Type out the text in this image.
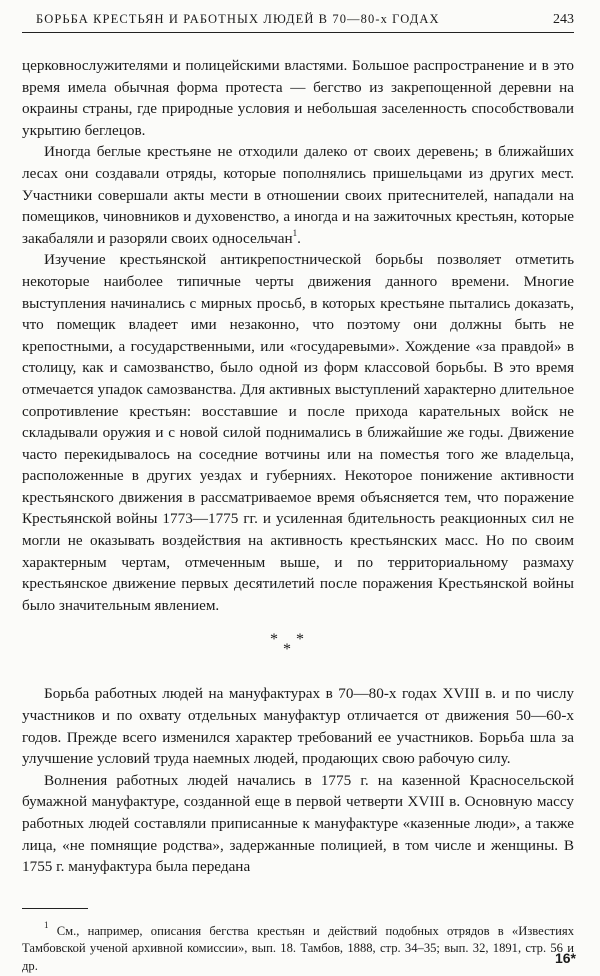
БОРЬБА КРЕСТЬЯН И РАБОТНЫХ ЛЮДЕЙ В 70—80-х ГОДАХ	243

церковнослужителями и полицейскими властями. Большое распространение и в это время имела обычная форма протеста — бегство из закрепощенной деревни на окраины страны, где природные условия и небольшая заселенность способствовали укрытию беглецов.

Иногда беглые крестьяне не отходили далеко от своих деревень; в ближайших лесах они создавали отряды, которые пополнялись пришельцами из других мест. Участники совершали акты мести в отношении своих притеснителей, нападали на помещиков, чиновников и духовенство, а иногда и на зажиточных крестьян, которые закабаляли и разоряли своих односельчан$^1$.

Изучение крестьянской антикрепостнической борьбы позволяет отметить некоторые наиболее типичные черты движения данного времени. Многие выступления начинались с мирных просьб, в которых крестьяне пытались доказать, что помещик владеет ими незаконно, что поэтому они должны быть не крепостными, а государственными, или «государевыми». Хождение «за правдой» в столицу, как и самозванство, было одной из форм классовой борьбы. В это время отмечается упадок самозванства. Для активных выступлений характерно длительное сопротивление крестьян: восставшие и после прихода карательных войск не складывали оружия и с новой силой поднимались в ближайшие же годы. Движение часто перекидывалось на соседние вотчины или на поместья того же владельца, расположенные в других уездах и губерниях. Некоторое понижение активности крестьянского движения в рассматриваемое время объясняется тем, что поражение Крестьянской войны 1773—1775 гг. и усиленная бдительность реакционных сил не могли не оказывать воздействия на активность крестьянских масс. Но по своим характерным чертам, отмеченным выше, и по территориальному размаху крестьянское движение первых десятилетий после поражения Крестьянской войны было значительным явлением.

* *
*

Борьба работных людей на мануфактурах в 70—80-х годах XVIII в. и по числу участников и по охвату отдельных мануфактур отличается от движения 50—60-х годов. Прежде всего изменился характер требований ее участников. Борьба шла за улучшение условий труда наемных людей, продающих свою рабочую силу.

Волнения работных людей начались в 1775 г. на казенной Красносельской бумажной мануфактуре, созданной еще в первой четверти XVIII в. Основную массу работных людей составляли приписанные к мануфактуре «казенные люди», а также лица, «не помнящие родства», задержанные полицией, в том числе и женщины. В 1755 г. мануфактура была передана

$^1$ См., например, описания бегства крестьян и действий подобных отрядов в «Известиях Тамбовской ученой архивной комиссии», вып. 18. Тамбов, 1888, стр. 34–35; вып. 32, 1891, стр. 56 и др.	16*
